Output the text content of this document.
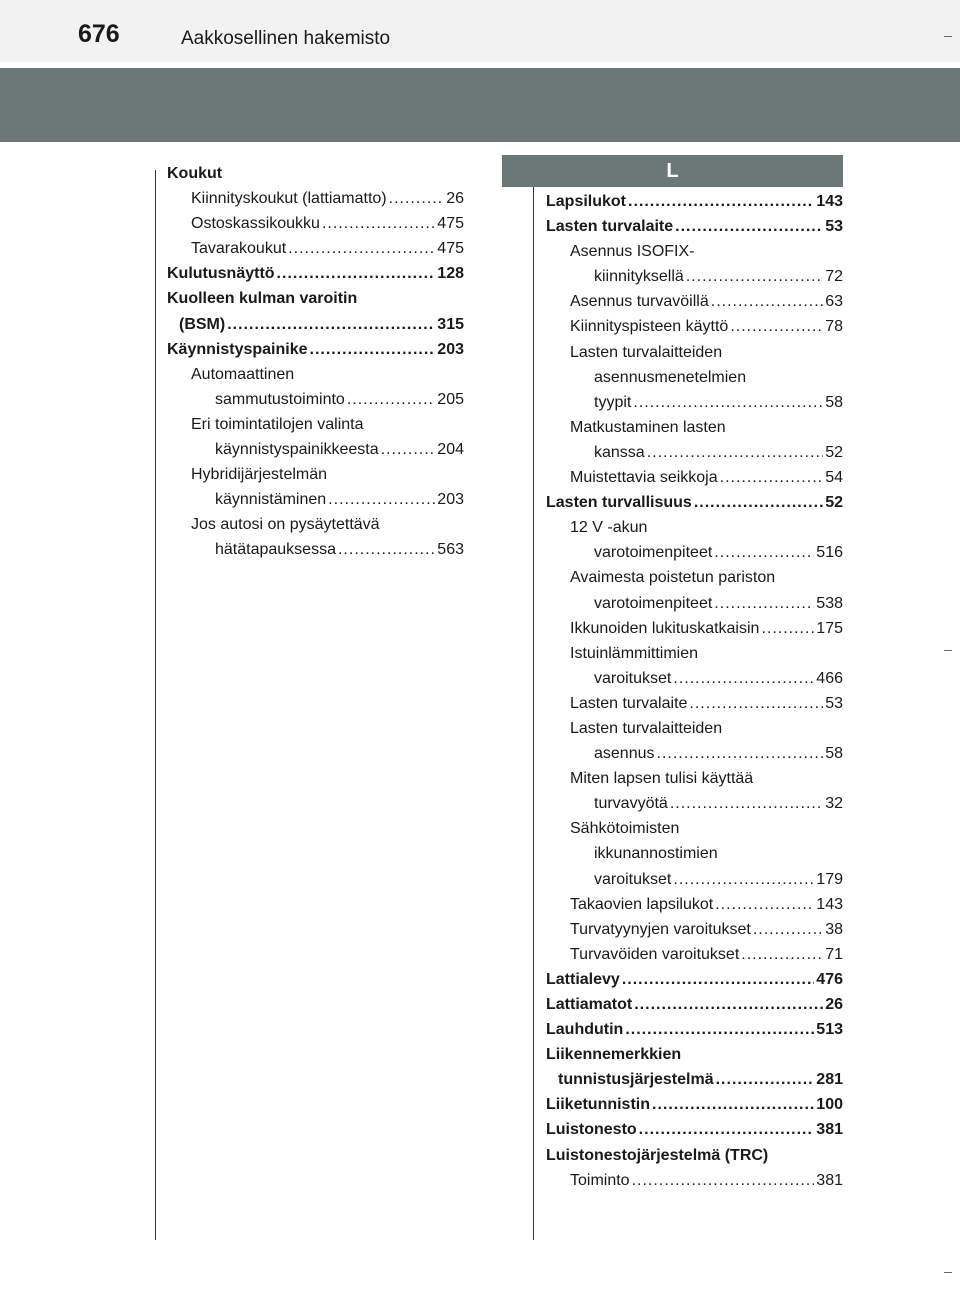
676	Aakkosellinen hakemisto
L
Koukut
Kiinnityskoukut (lattiamatto) .....	26
Ostoskassikoukku .....	475
Tavarakoukut .....	475
Kulutusnäyttö .....	128
Kuolleen kulman varoitin
(BSM) .....	315
Käynnistyspainike .....	203
Automaattinen
sammutustoiminto .....	205
Eri toimintatilojen valinta
käynnistyspainikkeesta .....	204
Hybridijärjestelmän
käynnistäminen .....	203
Jos autosi on pysäytettävä
hätätapauksessa .....	563
Lapsilukot .....	143
Lasten turvalaite .....	53
Asennus ISOFIX-
kiinnityksellä .....	72
Asennus turvavöillä .....	63
Kiinnityspisteen käyttö .....	78
Lasten turvalaitteiden
asennusmenetelmien
tyypit .....	58
Matkustaminen lasten
kanssa .....	52
Muistettavia seikkoja .....	54
Lasten turvallisuus .....	52
12 V -akun
varotoimenpiteet .....	516
Avaimesta poistetun pariston
varotoimenpiteet .....	538
Ikkunoiden lukituskatkaisin .....	175
Istuinlämmittimien
varoitukset .....	466
Lasten turvalaite .....	53
Lasten turvalaitteiden
asennus .....	58
Miten lapsen tulisi käyttää
turvavyötä .....	32
Sähkötoimisten
ikkunannostimien
varoitukset .....	179
Takaovien lapsilukot .....	143
Turvatyynyjen varoitukset .....	38
Turvavöiden varoitukset .....	71
Lattialevy .....	476
Lattiamatot .....	26
Lauhdutin .....	513
Liikennemerkkien
tunnistusjärjestelmä .....	281
Liiketunnistin .....	100
Luistonesto .....	381
Luistonestojärjestelmä (TRC)
Toiminto .....	381
